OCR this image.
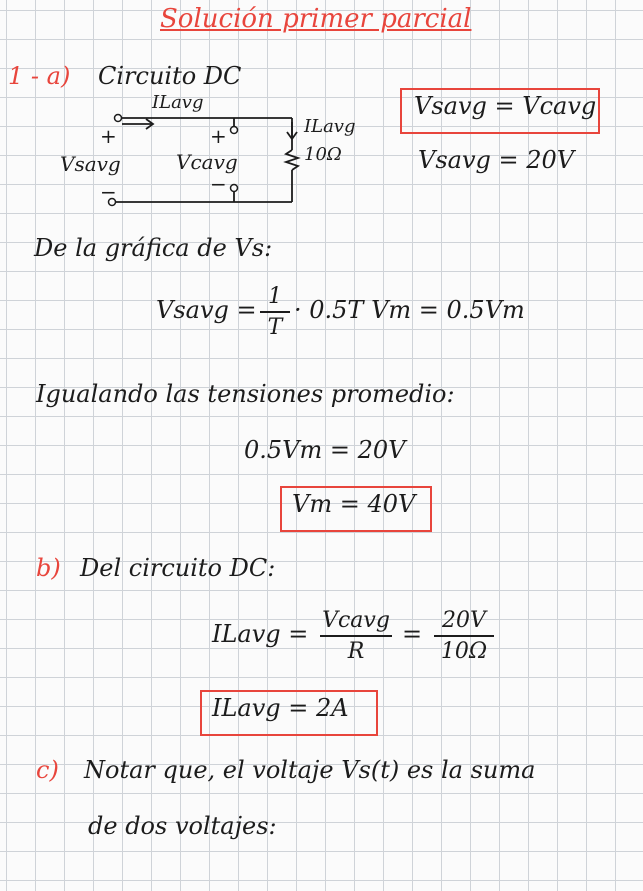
Solución primer parcial
1 - a) Circuito DC
ILavg
+
Vsavg
−
+
Vcavg
−
ILavg
10Ω
Vsavg = Vcavg
Vsavg = 20V
De la gráfica de Vs:
Vsavg = 1
T
· 0.5T Vm = 0.5Vm
Igualando las tensiones promedio:
0.5Vm = 20V
Vm = 40V
b) Del circuito DC:
ILavg = Vcavg
R
= 20V
10Ω
ILavg = 2A
c) Notar que, el voltaje Vs(t) es la suma
de dos voltajes:
